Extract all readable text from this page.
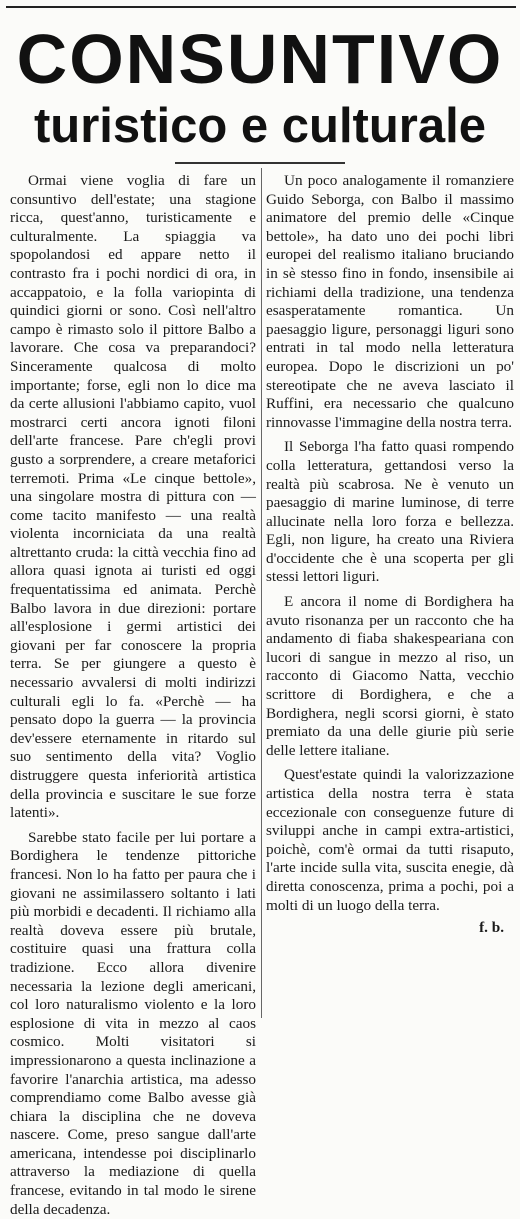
CONSUNTIVO
turistico e culturale

Ormai viene voglia di fare un consuntivo dell'estate; una stagione ricca, quest'anno, turisticamente e culturalmente. La spiaggia va spopolandosi ed appare netto il contrasto fra i pochi nordici di ora, in accappatoio, e la folla variopinta di quindici giorni or sono. Così nell'altro campo è rimasto solo il pittore Balbo a lavorare. Che cosa va preparandoci? Sinceramente qualcosa di molto importante; forse, egli non lo dice ma da certe allusioni l'abbiamo capito, vuol mostrarci certi ancora ignoti filoni dell'arte francese. Pare ch'egli provi gusto a sorprendere, a creare metaforici terremoti. Prima «Le cinque bettole», una singolare mostra di pittura con — come tacito manifesto — una realtà violenta incorniciata da una realtà altrettanto cruda: la città vecchia fino ad allora quasi ignota ai turisti ed oggi frequentatissima ed animata. Perchè Balbo lavora in due direzioni: portare all'esplosione i germi artistici dei giovani per far conoscere la propria terra. Se per giungere a questo è necessario avvalersi di molti indirizzi culturali egli lo fa. «Perchè — ha pensato dopo la guerra — la provincia dev'essere eternamente in ritardo sul suo sentimento della vita? Voglio distruggere questa inferiorità artistica della provincia e suscitare le sue forze latenti».

Sarebbe stato facile per lui portare a Bordighera le tendenze pittoriche francesi. Non lo ha fatto per paura che i giovani ne assimilassero soltanto i lati più morbidi e decadenti. Il richiamo alla realtà doveva essere più brutale, costituire quasi una frattura colla tradizione. Ecco allora divenire necessaria la lezione degli americani, col loro naturalismo violento e la loro esplosione di vita in mezzo al caos cosmico. Molti visitatori si impressionarono a questa inclinazione a favorire l'anarchia artistica, ma adesso comprendiamo come Balbo avesse già chiara la disciplina che ne doveva nascere. Come, preso sangue dall'arte americana, intendesse poi disciplinarlo attraverso la mediazione di quella francese, evitando in tal modo le sirene della decadenza.

Un poco analogamente il romanziere Guido Seborga, con Balbo il massimo animatore del premio delle «Cinque bettole», ha dato uno dei pochi libri europei del realismo italiano bruciando in sè stesso fino in fondo, insensibile ai richiami della tradizione, una tendenza esasperatamente romantica. Un paesaggio ligure, personaggi liguri sono entrati in tal modo nella letteratura europea. Dopo le discrizioni un po' stereotipate che ne aveva lasciato il Ruffini, era necessario che qualcuno rinnovasse l'immagine della nostra terra.

Il Seborga l'ha fatto quasi rompendo colla letteratura, gettandosi verso la realtà più scabrosa. Ne è venuto un paesaggio di marine luminose, di terre allucinate nella loro forza e bellezza. Egli, non ligure, ha creato una Riviera d'occidente che è una scoperta per gli stessi lettori liguri.

E ancora il nome di Bordighera ha avuto risonanza per un racconto che ha andamento di fiaba shakespeariana con lucori di sangue in mezzo al riso, un racconto di Giacomo Natta, vecchio scrittore di Bordighera, e che a Bordighera, negli scorsi giorni, è stato premiato da una delle giurie più serie delle lettere italiane.

Quest'estate quindi la valorizzazione artistica della nostra terra è stata eccezionale con conseguenze future di sviluppi anche in campi extra-artistici, poichè, com'è ormai da tutti risaputo, l'arte incide sulla vita, suscita enegie, dà diretta conoscenza, prima a pochi, poi a molti di un luogo della terra.

f. b.
